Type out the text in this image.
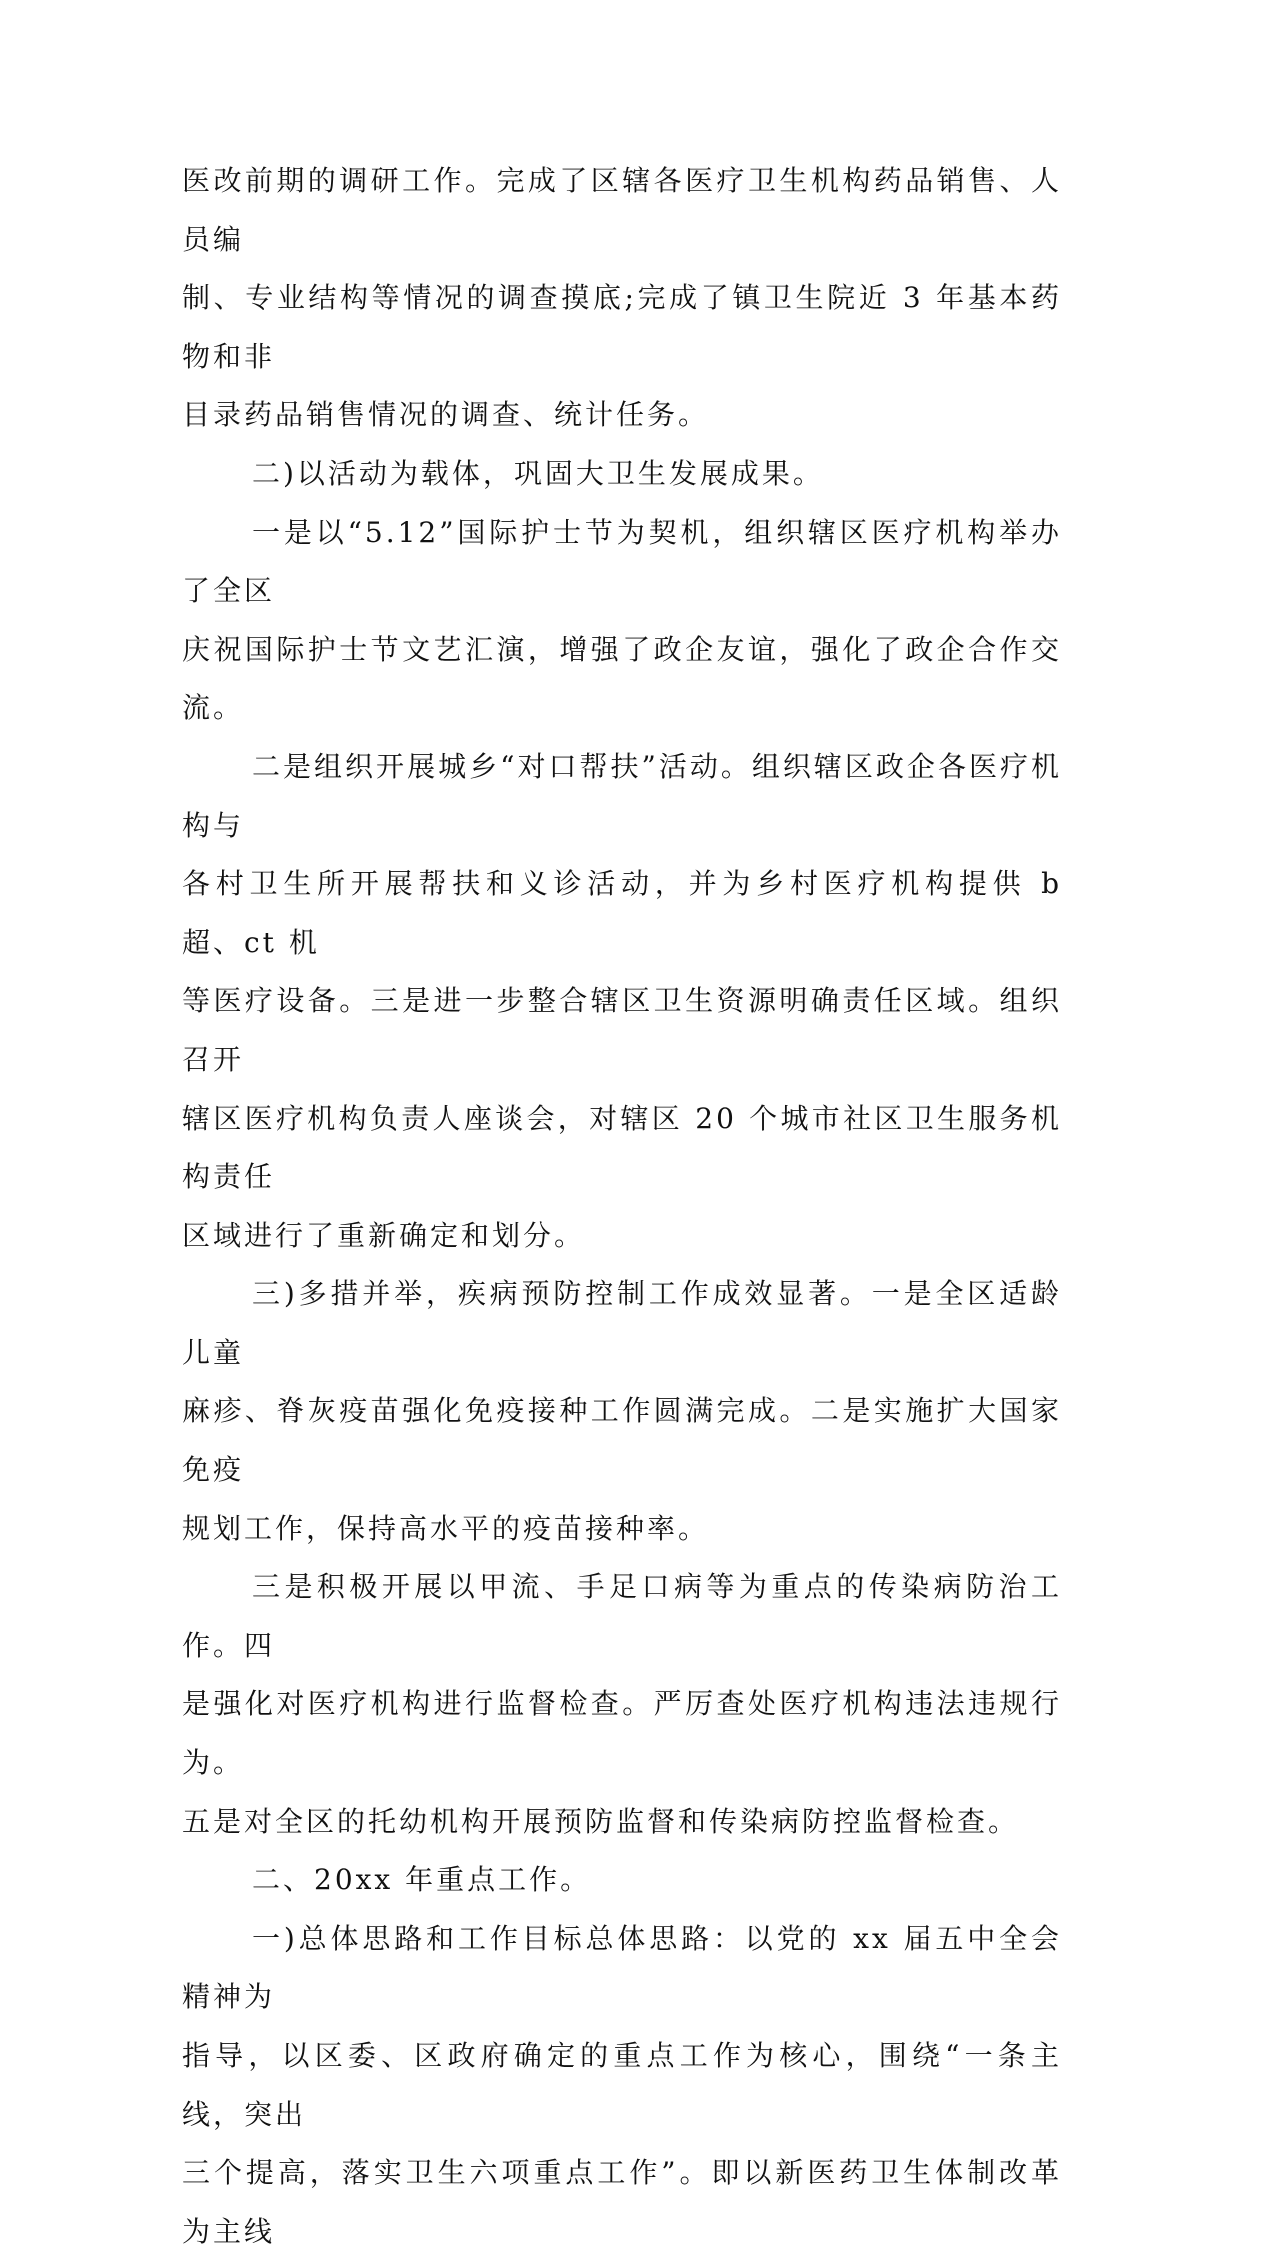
医改前期的调研工作。完成了区辖各医疗卫生机构药品销售、人员编
制、专业结构等情况的调查摸底;完成了镇卫生院近 3 年基本药物和非
目录药品销售情况的调查、统计任务。

二)以活动为载体，巩固大卫生发展成果。

一是以“5.12”国际护士节为契机，组织辖区医疗机构举办了全区
庆祝国际护士节文艺汇演，增强了政企友谊，强化了政企合作交流。

二是组织开展城乡“对口帮扶”活动。组织辖区政企各医疗机构与
各村卫生所开展帮扶和义诊活动，并为乡村医疗机构提供 b 超、ct 机
等医疗设备。三是进一步整合辖区卫生资源明确责任区域。组织召开
辖区医疗机构负责人座谈会，对辖区 20 个城市社区卫生服务机构责任
区域进行了重新确定和划分。

三)多措并举，疾病预防控制工作成效显著。一是全区适龄儿童
麻疹、脊灰疫苗强化免疫接种工作圆满完成。二是实施扩大国家免疫
规划工作，保持高水平的疫苗接种率。

三是积极开展以甲流、手足口病等为重点的传染病防治工作。四
是强化对医疗机构进行监督检查。严厉查处医疗机构违法违规行为。
五是对全区的托幼机构开展预防监督和传染病防控监督检查。

二、20xx 年重点工作。

一)总体思路和工作目标总体思路：以党的 xx 届五中全会精神为
指导，以区委、区政府确定的重点工作为核心，围绕“一条主线，突出
三个提高，落实卫生六项重点工作”。即以新医药卫生体制改革为主线
